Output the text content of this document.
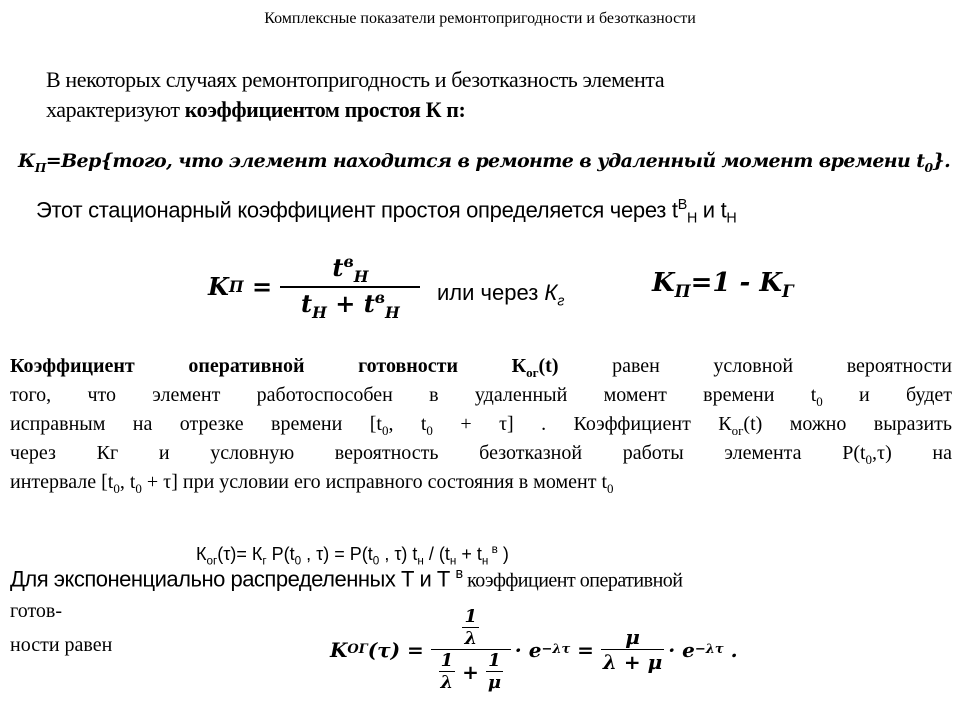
Комплексные показатели ремонтопригодности и безотказности
В некоторых случаях ремонтопригодность и безотказность элемента
характеризуют коэффициентом простоя К п:
$К_П=Вер\{того$, что элемент находится в ремонте в удаленный момент времени $t_0$}.
Этот стационарный коэффициент простоя определяется через $t^В_Н$ и $t_Н$
K $П = \frac{t^в_Н}{t_Н + t^в_Н}$ или через $К_г$
$K_П=1 - K_Г$
Коэффициент оперативной готовности $К_{ог}(t)$ равен условной вероятности
того, что элемент работоспособен в удаленный момент времени $t_0$ и будет
исправным на отрезке времени [$t_0$, $t_0 + \tau$] . Коэффициент $К_{ог}(t)$ можно выразить
через Кг и условную вероятность безотказной работы элемента $Р(t_0,\tau)$ на
интервале [$t_0$, $t_0 + \tau$] при условии его исправного состояния в момент $t_0$
$К_{ог}(\tau)= К_г$ $P(t_0$ , $\tau) = P(t_0$ , τ) $t_н / (t_н + t_н$ $^в$ )
Для экспоненциально распределенных Т и Т $^в$ коэффициент оперативной
готов-
ности равен	K ОГ (τ) =
$\frac{1}{\lambda}$
$\frac{1}{\lambda} + \frac{1}{\mu}$
· $e -\lambda\tau = \frac{\mu}{\lambda + \mu} \cdot e -\lambda\tau$ .
